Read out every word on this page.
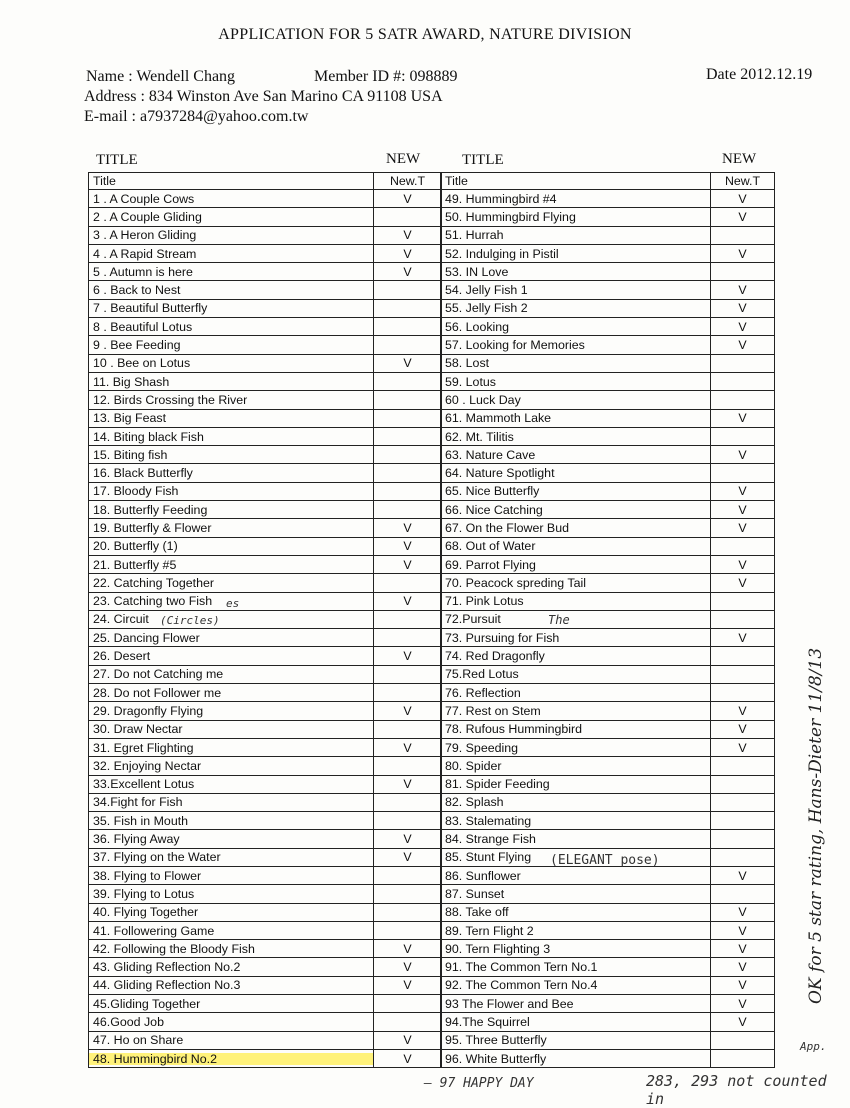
APPLICATION FOR 5 SATR AWARD, NATURE DIVISION
Name : Wendell Chang	Member ID #: 098889	Date 2012.12.19
Address : 834 Winston Ave San Marino CA 91108 USA
E-mail : a7937284@yahoo.com.tw
TITLE	NEW	TITLE	NEW
Title	New.T
1 . A Couple Cows	V
2 . A Couple Gliding	
3 . A Heron Gliding	V
4 . A Rapid Stream	V
5 . Autumn is here	V
6 . Back to Nest	
7 . Beautiful Butterfly	
8 . Beautiful Lotus	
9 . Bee Feeding	
10 . Bee on Lotus	V
11. Big Shash	
12. Birds Crossing the River	
13. Big Feast	
14. Biting black Fish	
15. Biting fish	
16. Black Butterfly	
17. Bloody Fish	
18. Butterfly Feeding	
19. Butterfly & Flower	V
20. Butterfly (1)	V
21. Butterfly #5	V
22. Catching Together	
23. Catching two Fish	V
24. Circuit	
25. Dancing Flower	
26. Desert	V
27. Do not Catching me	
28. Do not Follower me	
29. Dragonfly Flying	V
30. Draw Nectar	
31. Egret Flighting	V
32. Enjoying Nectar	
33.Excellent Lotus	V
34.Fight for Fish	
35. Fish in Mouth	
36. Flying Away	V
37. Flying on the Water	V
38. Flying to Flower	
39. Flying to Lotus	
40. Flying Together	
41. Followering Game	
42. Following the Bloody Fish	V
43. Gliding Reflection No.2	V
44. Gliding Reflection No.3	V
45.Gliding Together	
46.Good Job	
47. Ho on Share	V
48. Hummingbird No.2	V
Title	New.T
49. Hummingbird #4	V
50. Hummingbird Flying	V
51. Hurrah	
52. Indulging in Pistil	V
53. IN Love	
54. Jelly Fish 1	V
55. Jelly Fish 2	V
56. Looking	V
57. Looking for Memories	V
58. Lost	
59. Lotus	
60 . Luck Day	
61. Mammoth Lake	V
62. Mt. Tilitis	
63. Nature Cave	V
64. Nature Spotlight	
65. Nice Butterfly	V
66. Nice Catching	V
67. On the Flower Bud	V
68. Out of Water	
69. Parrot Flying	V
70. Peacock spreding Tail	V
71. Pink Lotus	
72.Pursuit	
73. Pursuing for Fish	V
74. Red Dragonfly	
75.Red Lotus	
76. Reflection	
77. Rest on Stem	V
78. Rufous Hummingbird	V
79. Speeding	V
80. Spider	
81. Spider Feeding	
82. Splash	
83. Stalemating	
84. Strange Fish	
85. Stunt Flying	
86. Sunflower	V
87. Sunset	
88. Take off	V
89. Tern Flight 2	V
90. Tern Flighting 3	V
91. The Common Tern No.1	V
92. The Common Tern No.4	V
93 The Flower and Bee	V
94.The Squirrel	V
95. Three Butterfly	
96. White Butterfly	
(Circles)	The
es
(ELEGANT pose)
– 97 HAPPY DAY	283, 293 not counted in
App.
OK for 5 star rating, Hans-Dieter 11/8/13
